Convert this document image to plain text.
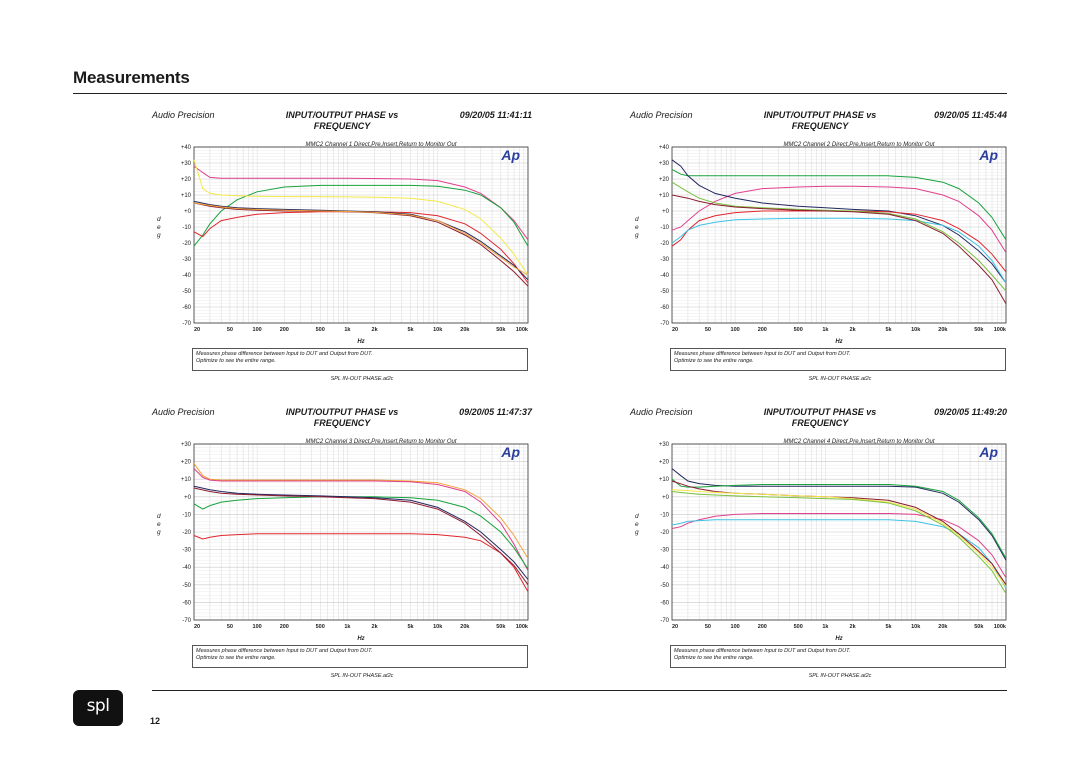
Measurements
Audio Precision	INPUT/OUTPUT PHASE vs FREQUENCY
09/20/05 11:41:11
+40
+30
+20
+10
+0
-10
-20
-30
-40
-50
-60
-70
20	50	100	200	500	1k	2k	5k	10k	20k	50k 100k
Hz
d e g
MMC2 Channel 1 Direct,Pre,Insert,Return to Monitor Out
Ap
Measures phase difference between Input to DUT and Output from DUT.
Optimize to see the entire range.
SPL IN-OUT PHASE.at2c
Audio Precision	INPUT/OUTPUT PHASE vs FREQUENCY
09/20/05 11:45:44
+40
+30
+20
+10
+0
-10
-20
-30
-40
-50
-60
-70
20	50	100	200	500	1k	2k	5k	10k	20k	50k 100k
Hz
d e g
MMC2 Channel 2 Direct,Pre,Insert,Return to Monitor Out
Ap
Measures phase difference between Input to DUT and Output from DUT.
Optimize to see the entire range.
SPL IN-OUT PHASE.at2c
Audio Precision	INPUT/OUTPUT PHASE vs FREQUENCY
09/20/05 11:47:37
+30
+20
+10
+0
-10
-20
-30
-40
-50
-60
-70
20	50	100	200	500	1k	2k	5k	10k	20k	50k 100k
Hz
d e g
MMC2 Channel 3 Direct,Pre,Insert,Return to Monitor Out
Ap
Measures phase difference between Input to DUT and Output from DUT.
Optimize to see the entire range.
SPL IN-OUT PHASE.at2c
Audio Precision	INPUT/OUTPUT PHASE vs FREQUENCY
09/20/05 11:49:20
+30
+20
+10
+0
-10
-20
-30
-40
-50
-60
-70
20	50	100	200	500	1k	2k	5k	10k	20k	50k 100k
Hz
d e g
MMC2 Channel 4 Direct,Pre,Insert,Return to Monitor Out
Ap
Measures phase difference between Input to DUT and Output from DUT.
Optimize to see the entire range.
SPL IN-OUT PHASE.at2c
spl
12
